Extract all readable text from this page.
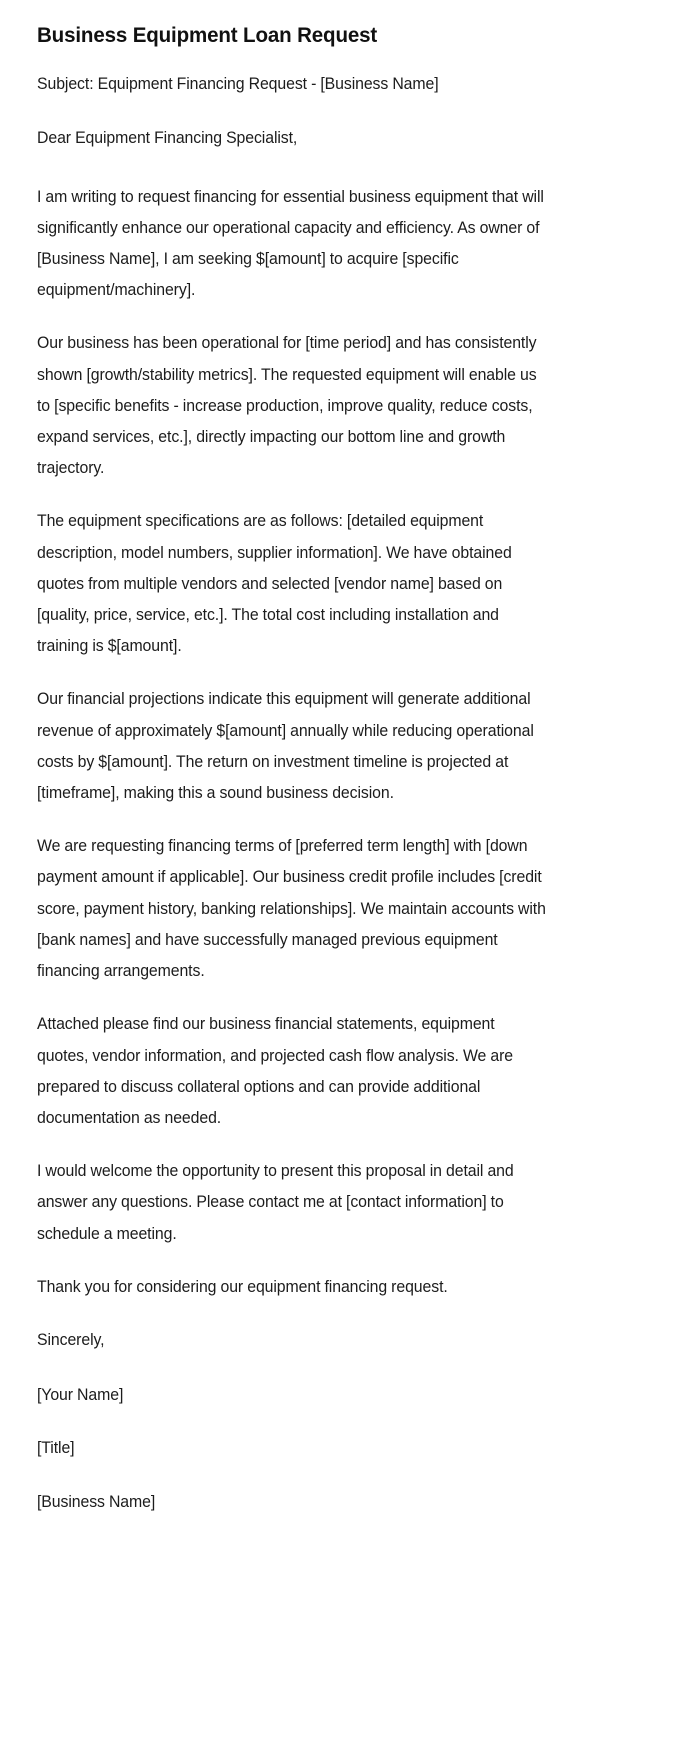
Business Equipment Loan Request

Subject: Equipment Financing Request - [Business Name]

Dear Equipment Financing Specialist,

I am writing to request financing for essential business equipment that will significantly enhance our operational capacity and efficiency. As owner of [Business Name], I am seeking $[amount] to acquire [specific equipment/machinery].

Our business has been operational for [time period] and has consistently shown [growth/stability metrics]. The requested equipment will enable us to [specific benefits - increase production, improve quality, reduce costs, expand services, etc.], directly impacting our bottom line and growth trajectory.

The equipment specifications are as follows: [detailed equipment description, model numbers, supplier information]. We have obtained quotes from multiple vendors and selected [vendor name] based on [quality, price, service, etc.]. The total cost including installation and training is $[amount].

Our financial projections indicate this equipment will generate additional revenue of approximately $[amount] annually while reducing operational costs by $[amount]. The return on investment timeline is projected at [timeframe], making this a sound business decision.

We are requesting financing terms of [preferred term length] with [down payment amount if applicable]. Our business credit profile includes [credit score, payment history, banking relationships]. We maintain accounts with [bank names] and have successfully managed previous equipment financing arrangements.

Attached please find our business financial statements, equipment quotes, vendor information, and projected cash flow analysis. We are prepared to discuss collateral options and can provide additional documentation as needed.

I would welcome the opportunity to present this proposal in detail and answer any questions. Please contact me at [contact information] to schedule a meeting.

Thank you for considering our equipment financing request.

Sincerely,

[Your Name]

[Title]

[Business Name]
